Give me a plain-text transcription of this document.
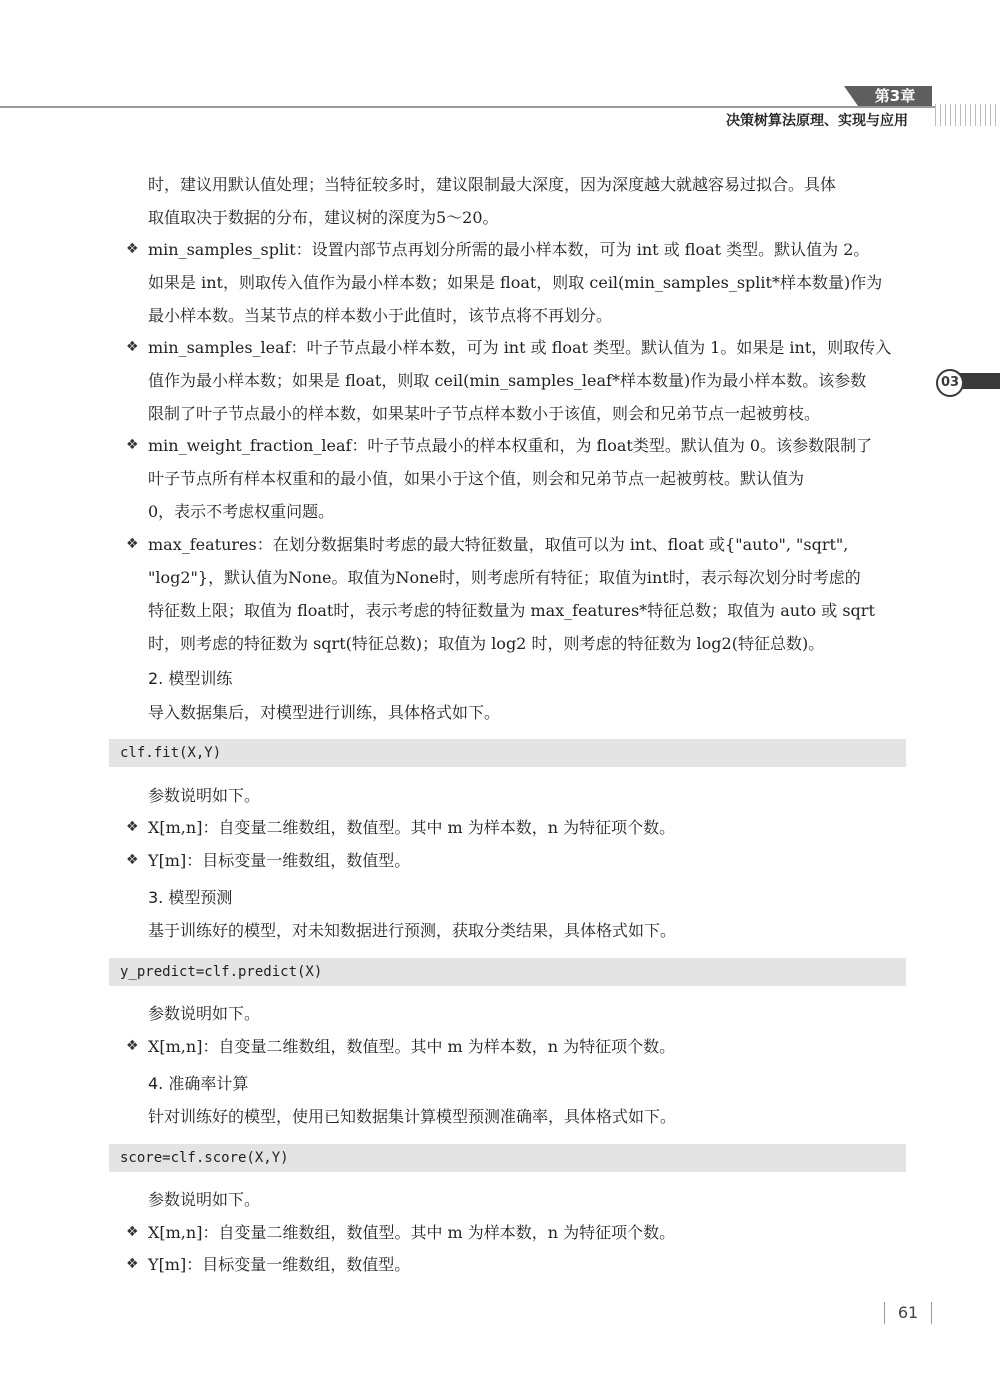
第3章
决策树算法原理、实现与应用
03
时，建议用默认值处理；当特征较多时，建议限制最大深度，因为深度越大就越容易过拟合。具体
取值取决于数据的分布，建议树的深度为5～20。
❖ min_samples_split：设置内部节点再划分所需的最小样本数，可为 int 或 float 类型。默认值为 2。
如果是 int，则取传入值作为最小样本数；如果是 float，则取 ceil(min_samples_split*样本数量)作为
最小样本数。当某节点的样本数小于此值时，该节点将不再划分。
❖ min_samples_leaf：叶子节点最小样本数，可为 int 或 float 类型。默认值为 1。如果是 int，则取传入
值作为最小样本数；如果是 float，则取 ceil(min_samples_leaf*样本数量)作为最小样本数。该参数
限制了叶子节点最小的样本数，如果某叶子节点样本数小于该值，则会和兄弟节点一起被剪枝。
❖ min_weight_fraction_leaf：叶子节点最小的样本权重和，为 float类型。默认值为 0。该参数限制了
叶子节点所有样本权重和的最小值，如果小于这个值，则会和兄弟节点一起被剪枝。默认值为
0，表示不考虑权重问题。
❖ max_features：在划分数据集时考虑的最大特征数量，取值可以为 int、float 或{"auto", "sqrt",
"log2"}，默认值为None。取值为None时，则考虑所有特征；取值为int时，表示每次划分时考虑的
特征数上限；取值为 float时，表示考虑的特征数量为 max_features*特征总数；取值为 auto 或 sqrt
时，则考虑的特征数为 sqrt(特征总数)；取值为 log2 时，则考虑的特征数为 log2(特征总数)。
2. 模型训练
导入数据集后，对模型进行训练，具体格式如下。
clf.fit(X,Y)
参数说明如下。
❖ X[m,n]：自变量二维数组，数值型。其中 m 为样本数，n 为特征项个数。
❖ Y[m]：目标变量一维数组，数值型。
3. 模型预测
基于训练好的模型，对未知数据进行预测，获取分类结果，具体格式如下。
y_predict=clf.predict(X)
参数说明如下。
❖ X[m,n]：自变量二维数组，数值型。其中 m 为样本数，n 为特征项个数。
4. 准确率计算
针对训练好的模型，使用已知数据集计算模型预测准确率，具体格式如下。
score=clf.score(X,Y)
参数说明如下。
❖ X[m,n]：自变量二维数组，数值型。其中 m 为样本数，n 为特征项个数。
❖ Y[m]：目标变量一维数组，数值型。
61
